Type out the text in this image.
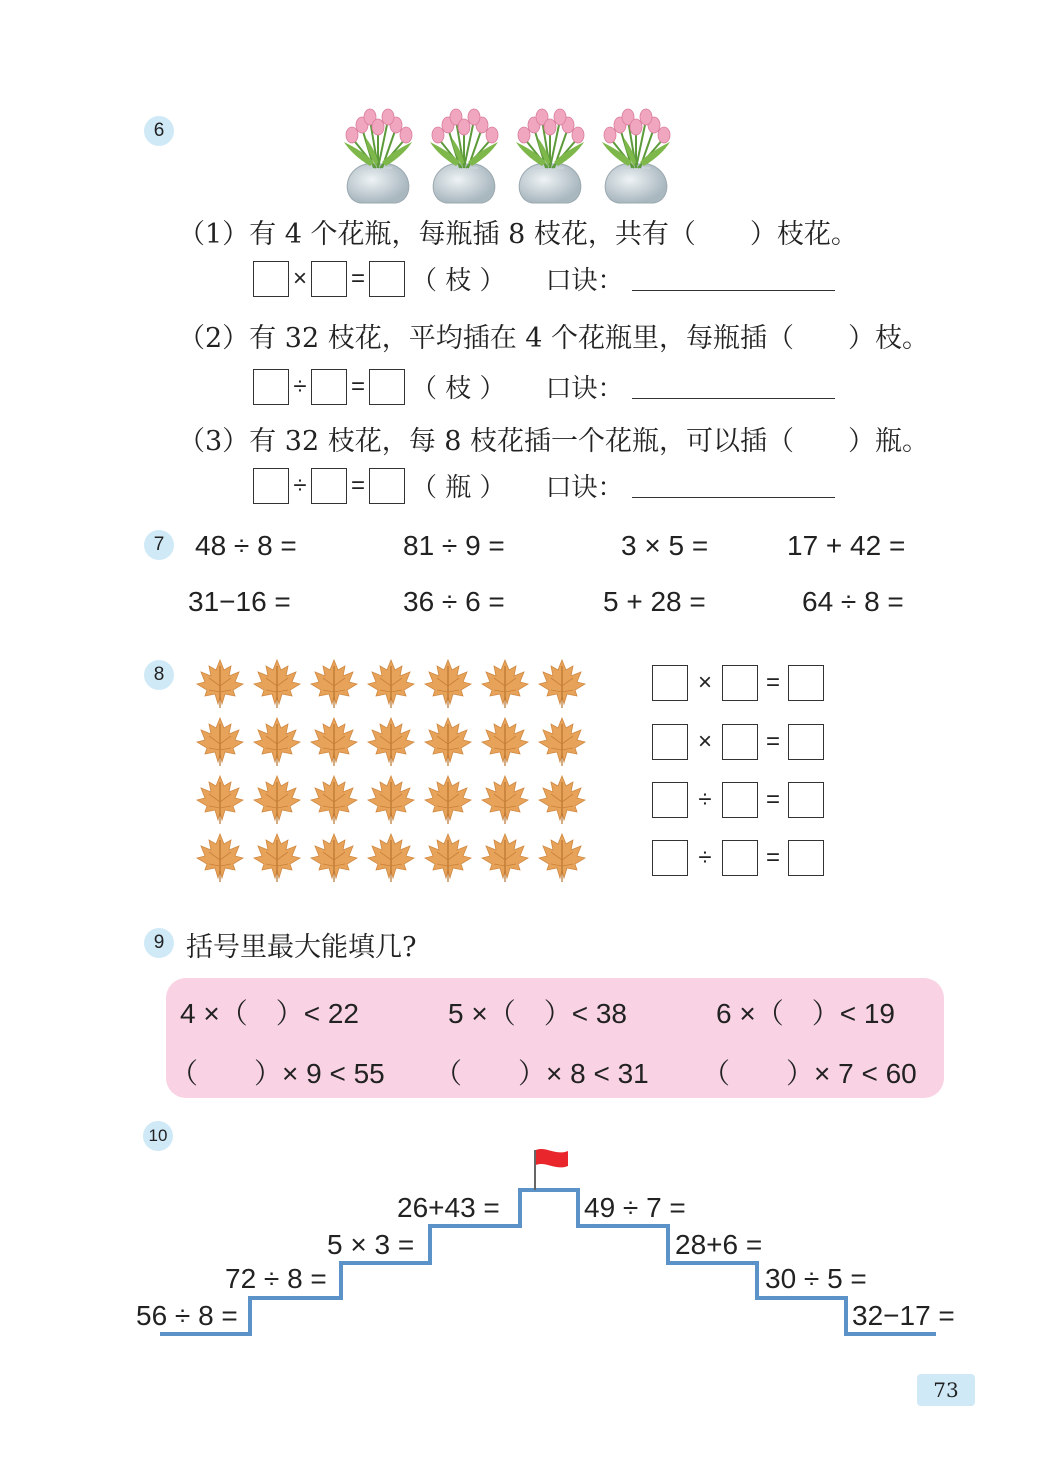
6
（1）有 4 个花瓶，每瓶插 8 枝花，共有（　　）枝花。
× = （ 枝 ） 口诀：
（2）有 32 枝花，平均插在 4 个花瓶里，每瓶插（　　）枝。
÷ = （ 枝 ） 口诀：
（3）有 32 枝花，每 8 枝花插一个花瓶，可以插（　　）瓶。
÷ = （ 瓶 ） 口诀：
7	48 ÷ 8 =	81 ÷ 9 =	3 × 5 =	17 + 42 =
31−16 =	36 ÷ 6 =	5 + 28 =	64 ÷ 8 =
8	×	=
×	=
÷	=
÷	=
9 括号里最大能填几?
4 ×（　）< 22	5 ×（　）< 38	6 ×（　）< 19
（　　）× 9 < 55 （　　）× 8 < 31 （　　）× 7 < 60
10
56 ÷ 8 =
72 ÷ 8 =
5 × 3 =
26+43 =	49 ÷ 7 =
28+6 =
30 ÷ 5 =
32−17 =
73
